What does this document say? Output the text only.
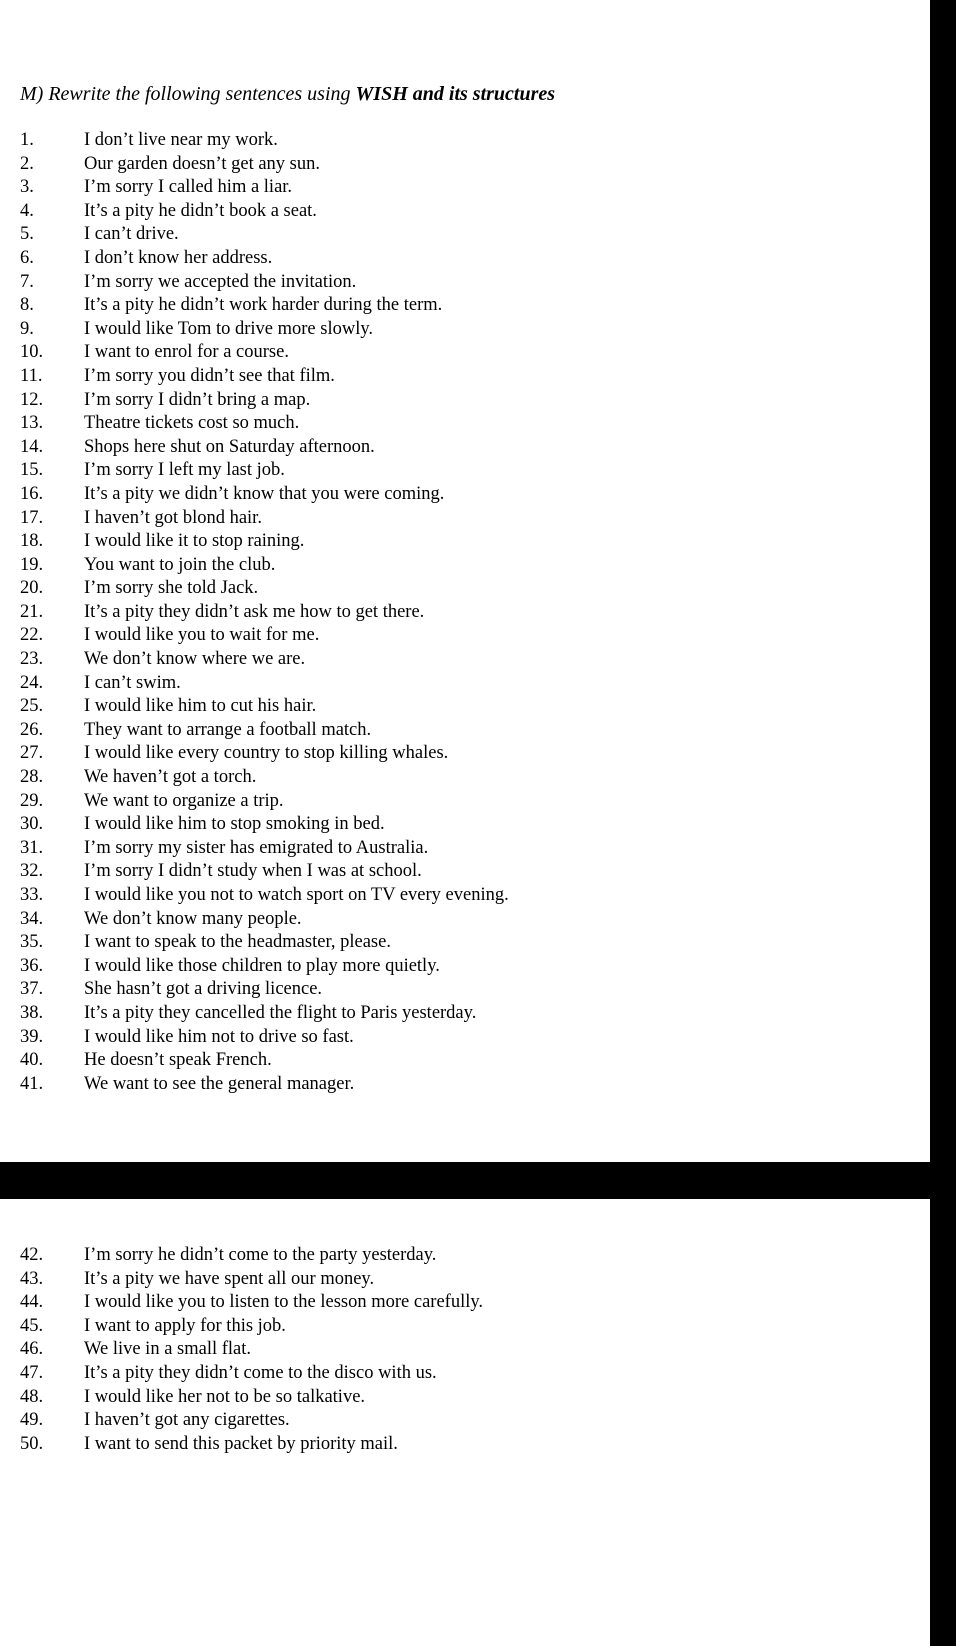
M) Rewrite the following sentences using WISH and its structures
1.	I don’t live near my work.
2.	Our garden doesn’t get any sun.
3.	I’m sorry I called him a liar.
4.	It’s a pity he didn’t book a seat.
5.	I can’t drive.
6.	I don’t know her address.
7.	I’m sorry we accepted the invitation.
8.	It’s a pity he didn’t work harder during the term.
9.	I would like Tom to drive more slowly.
10. I want to enrol for a course.
11. I’m sorry you didn’t see that film.
12. I’m sorry I didn’t bring a map.
13. Theatre tickets cost so much.
14. Shops here shut on Saturday afternoon.
15. I’m sorry I left my last job.
16. It’s a pity we didn’t know that you were coming.
17. I haven’t got blond hair.
18. I would like it to stop raining.
19. You want to join the club.
20. I’m sorry she told Jack.
21. It’s a pity they didn’t ask me how to get there.
22. I would like you to wait for me.
23. We don’t know where we are.
24. I can’t swim.
25. I would like him to cut his hair.
26. They want to arrange a football match.
27. I would like every country to stop killing whales.
28. We haven’t got a torch.
29. We want to organize a trip.
30. I would like him to stop smoking in bed.
31. I’m sorry my sister has emigrated to Australia.
32. I’m sorry I didn’t study when I was at school.
33. I would like you not to watch sport on TV every evening.
34. We don’t know many people.
35. I want to speak to the headmaster, please.
36. I would like those children to play more quietly.
37. She hasn’t got a driving licence.
38. It’s a pity they cancelled the flight to Paris yesterday.
39. I would like him not to drive so fast.
40. He doesn’t speak French.
41. We want to see the general manager.
42. I’m sorry he didn’t come to the party yesterday.
43. It’s a pity we have spent all our money.
44. I would like you to listen to the lesson more carefully.
45. I want to apply for this job.
46. We live in a small flat.
47. It’s a pity they didn’t come to the disco with us.
48. I would like her not to be so talkative.
49. I haven’t got any cigarettes.
50. I want to send this packet by priority mail.
